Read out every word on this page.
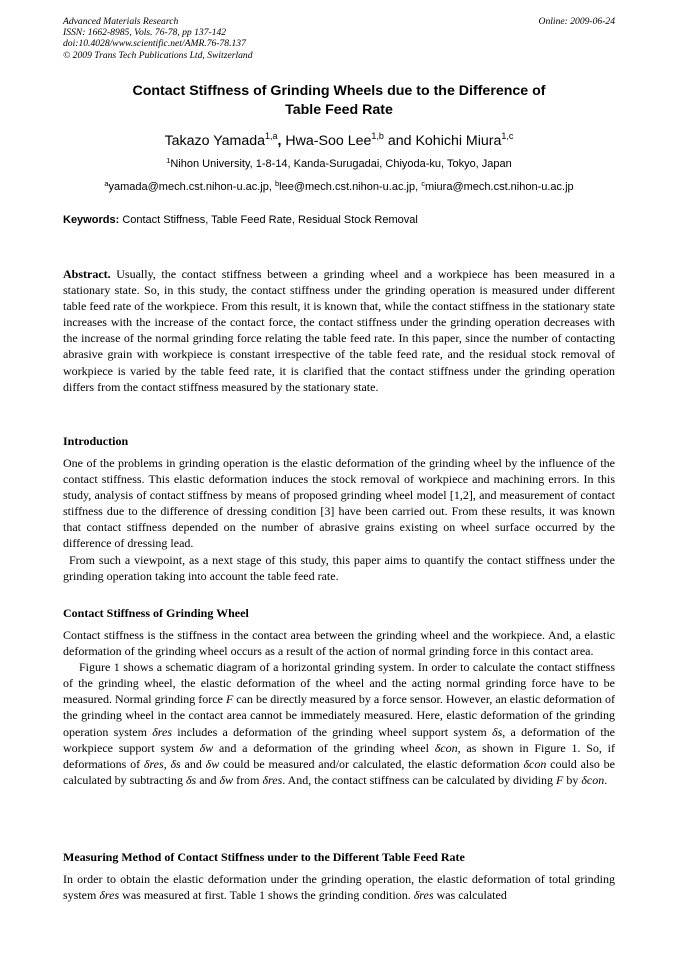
Advanced Materials Research
ISSN: 1662-8985, Vols. 76-78, pp 137-142
doi:10.4028/www.scientific.net/AMR.76-78.137
© 2009 Trans Tech Publications Ltd, Switzerland
Online: 2009-06-24
Contact Stiffness of Grinding Wheels due to the Difference of
Table Feed Rate
Takazo Yamada$^{1,a}$, Hwa-Soo Lee$^{1,b}$ and Kohichi Miura$^{1,c}$
$^1$Nihon University, 1-8-14, Kanda-Surugadai, Chiyoda-ku, Tokyo, Japan
$^a$yamada@mech.cst.nihon-u.ac.jp, $^b$lee@mech.cst.nihon-u.ac.jp, $^c$miura@mech.cst.nihon-u.ac.jp
Keywords: Contact Stiffness, Table Feed Rate, Residual Stock Removal

Abstract. Usually, the contact stiffness between a grinding wheel and a workpiece has been measured in a stationary state. So, in this study, the contact stiffness under the grinding operation is measured under different table feed rate of the workpiece. From this result, it is known that, while the contact stiffness in the stationary state increases with the increase of the contact force, the contact stiffness under the grinding operation decreases with the increase of the normal grinding force relating the table feed rate. In this paper, since the number of contacting abrasive grain with workpiece is constant irrespective of the table feed rate, and the residual stock removal of workpiece is varied by the table feed rate, it is clarified that the contact stiffness under the grinding operation differs from the contact stiffness measured by the stationary state.

Introduction

One of the problems in grinding operation is the elastic deformation of the grinding wheel by the influence of the contact stiffness. This elastic deformation induces the stock removal of workpiece and machining errors. In this study, analysis of contact stiffness by means of proposed grinding wheel model [1,2], and measurement of contact stiffness due to the difference of dressing condition [3] have been carried out. From these results, it was known that contact stiffness depended on the number of abrasive grains existing on wheel surface occurred by the difference of dressing lead.

From such a viewpoint, as a next stage of this study, this paper aims to quantify the contact stiffness under the grinding operation taking into account the table feed rate.

Contact Stiffness of Grinding Wheel

Contact stiffness is the stiffness in the contact area between the grinding wheel and the workpiece. And, a elastic deformation of the grinding wheel occurs as a result of the action of normal grinding force in this contact area.

Figure 1 shows a schematic diagram of a horizontal grinding system. In order to calculate the contact stiffness of the grinding wheel, the elastic deformation of the wheel and the acting normal grinding force have to be measured. Normal grinding force F can be directly measured by a force sensor. However, an elastic deformation of the grinding wheel in the contact area cannot be immediately measured. Here, elastic deformation of the grinding operation system δres includes a deformation of the grinding wheel support system δs, a deformation of the workpiece support system δw and a deformation of the grinding wheel δcon, as shown in Figure 1. So, if deformations of δres, δs and δw could be measured and/or calculated, the elastic deformation δcon could also be calculated by subtracting δs and δw from δres. And, the contact stiffness can be calculated by dividing F by δcon.

Measuring Method of Contact Stiffness under to the Different Table Feed Rate

In order to obtain the elastic deformation under the grinding operation, the elastic deformation of total grinding system δres was measured at first. Table 1 shows the grinding condition. δres was calculated
